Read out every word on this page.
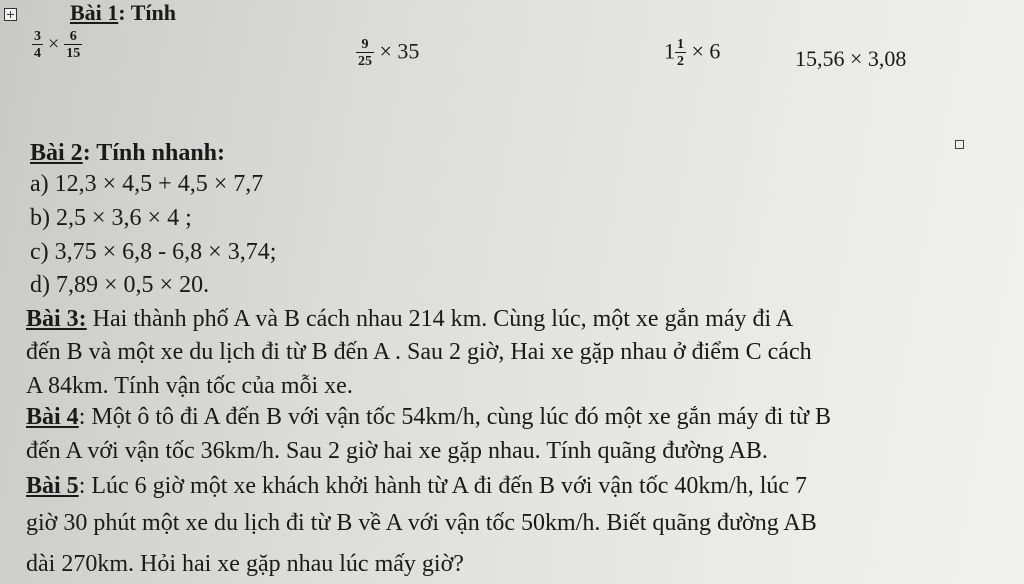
+ Bài 1: Tính
$\frac{3}{4} \times \frac{6}{15}$	$\frac{9}{25} \times 35$	$1 \frac{1}{2} \times 6$	15,56 × 3,08
Bài 2: Tính nhanh:
a) 12,3 × 4,5 + 4,5 × 7,7
b) 2,5 × 3,6 × 4 ;
c) 3,75 × 6,8 - 6,8 × 3,74;
d) 7,89 × 0,5 × 20.
Bài 3: Hai thành phố A và B cách nhau 214 km. Cùng lúc, một xe gắn máy đi A
đến B và một xe du lịch đi từ B đến A . Sau 2 giờ, Hai xe gặp nhau ở điểm C cách
A 84km. Tính vận tốc của mỗi xe.
Bài 4: Một ô tô đi A đến B với vận tốc 54km/h, cùng lúc đó một xe gắn máy đi từ B
đến A với vận tốc 36km/h. Sau 2 giờ hai xe gặp nhau. Tính quãng đường AB.
Bài 5: Lúc 6 giờ một xe khách khởi hành từ A đi đến B với vận tốc 40km/h, lúc 7
giờ 30 phút một xe du lịch đi từ B về A với vận tốc 50km/h. Biết quãng đường AB
dài 270km. Hỏi hai xe gặp nhau lúc mấy giờ?
